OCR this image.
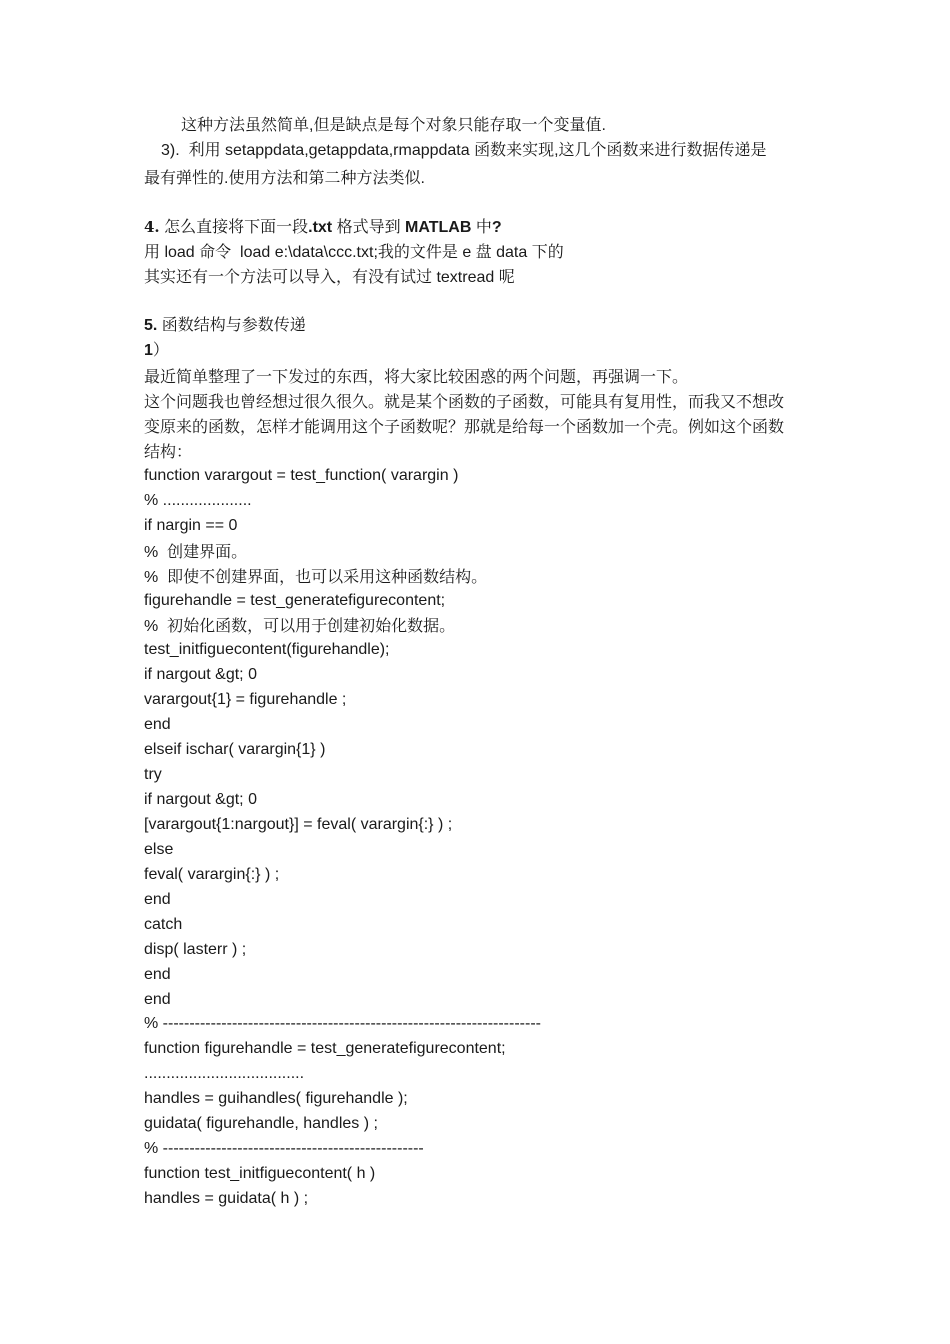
这种方法虽然简单,但是缺点是每个对象只能存取一个变量值.
3).  利用 setappdata,getappdata,rmappdata 函数来实现,这几个函数来进行数据传递是
最有弹性的.使用方法和第二种方法类似.
4. 怎么直接将下面一段.txt 格式导到 MATLAB 中?
用 load 命令  load e:\data\ccc.txt;我的文件是 e 盘 data 下的
其实还有一个方法可以导入，有没有试过 textread 呢
5. 函数结构与参数传递
1）
最近简单整理了一下发过的东西，将大家比较困惑的两个问题，再强调一下。
这个问题我也曾经想过很久很久。就是某个函数的子函数，可能具有复用性，而我又不想改
变原来的函数，怎样才能调用这个子函数呢？那就是给每一个函数加一个壳。例如这个函数
结构：
function varargout = test_function( varargin )
% ....................
if nargin == 0
%  创建界面。
%  即使不创建界面，也可以采用这种函数结构。
figurehandle = test_generatefigurecontent;
%  初始化函数，可以用于创建初始化数据。
test_initfiguecontent(figurehandle);
if nargout &gt; 0
varargout{1} = figurehandle ;
end
elseif ischar( varargin{1} )
try
if nargout &gt; 0
[varargout{1:nargout}] = feval( varargin{:} ) ;
else
feval( varargin{:} ) ;
end
catch
disp( lasterr ) ;
end
end
% -----------------------------------------------------------------------
function figurehandle = test_generatefigurecontent;
....................................
handles = guihandles( figurehandle );
guidata( figurehandle, handles ) ;
% -------------------------------------------------
function test_initfiguecontent( h )
handles = guidata( h ) ;
